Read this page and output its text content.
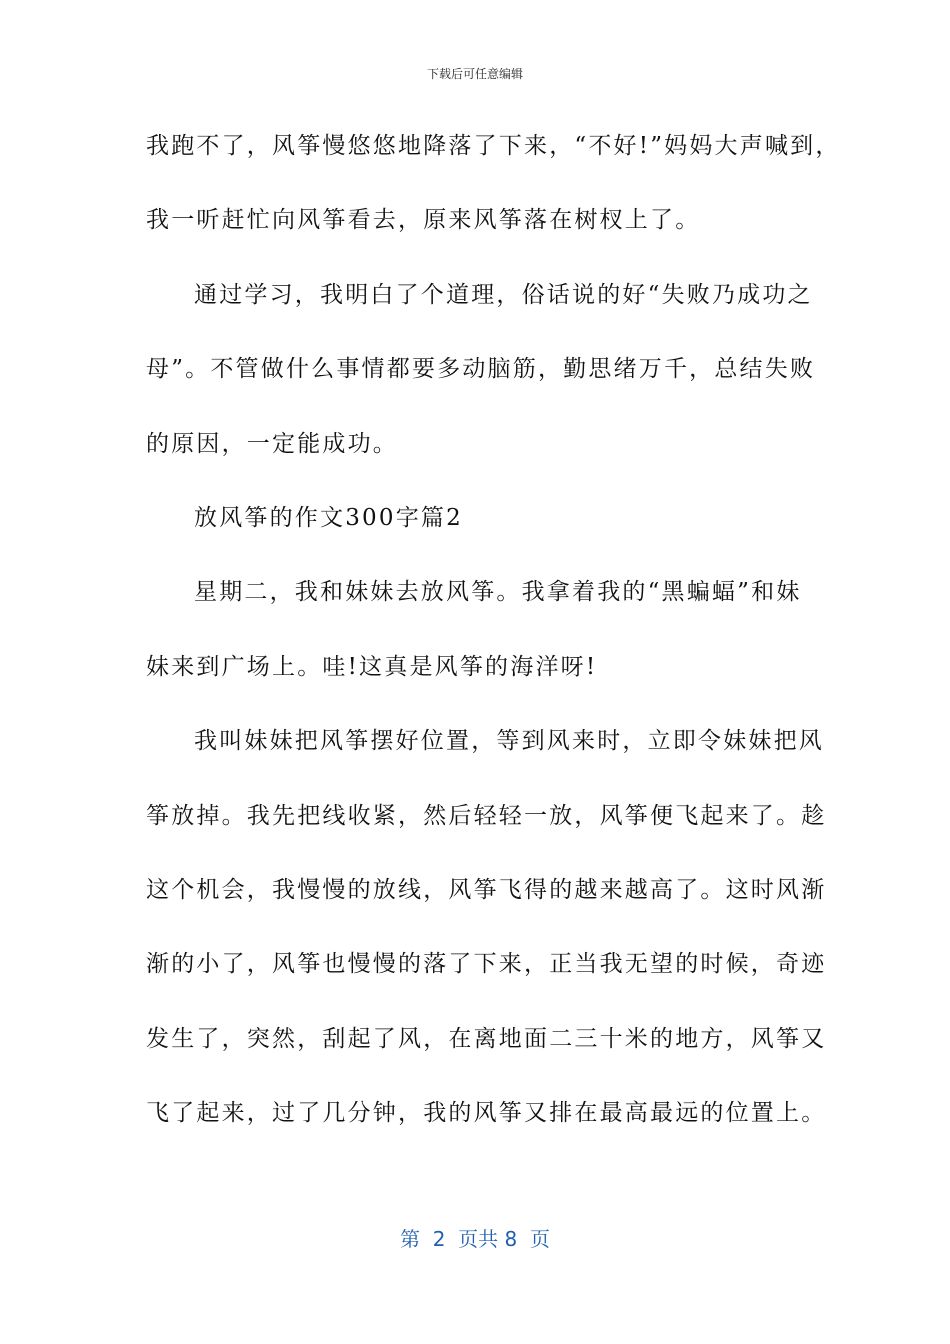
下载后可任意编辑
我跑不了，风筝慢悠悠地降落了下来，“不好!”妈妈大声喊到，
我一听赶忙向风筝看去，原来风筝落在树杈上了。
通过学习，我明白了个道理，俗话说的好“失败乃成功之
母”。不管做什么事情都要多动脑筋，勤思绪万千，总结失败
的原因，一定能成功。
放风筝的作文300字篇2
星期二，我和妹妹去放风筝。我拿着我的“黑蝙蝠”和妹
妹来到广场上。哇!这真是风筝的海洋呀!
我叫妹妹把风筝摆好位置，等到风来时，立即令妹妹把风
筝放掉。我先把线收紧，然后轻轻一放，风筝便飞起来了。趁
这个机会，我慢慢的放线，风筝飞得的越来越高了。这时风渐
渐的小了，风筝也慢慢的落了下来，正当我无望的时候，奇迹
发生了，突然，刮起了风，在离地面二三十米的地方，风筝又
飞了起来，过了几分钟，我的风筝又排在最高最远的位置上。
第  2  页共 8  页
